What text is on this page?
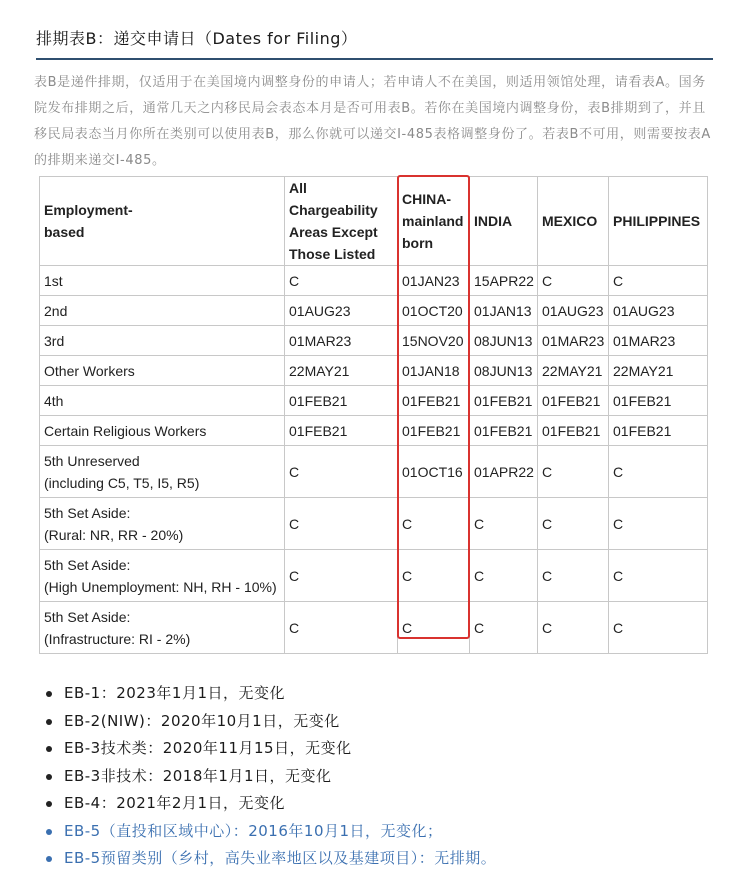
排期表B：递交申请日（Dates for Filing）

表B是递件排期，仅适用于在美国境内调整身份的申请人；若申请人不在美国，则适用领馆处理，请看表A。国务院发布排期之后，通常几天之内移民局会表态本月是否可用表B。若你在美国境内调整身份，表B排期到了，并且移民局表态当月你所在类别可以使用表B，那么你就可以递交I-485表格调整身份了。若表B不可用，则需要按表A的排期来递交I-485。

Employment-
based	All Chargeability
Areas Except
Those Listed	CHINA-
mainland
born	INDIA	MEXICO	PHILIPPINES

1st	C	01JAN23	15APR22	C	C

2nd	01AUG23	01OCT20	01JAN13	01AUG23	01AUG23

3rd	01MAR23	15NOV20	08JUN13	01MAR23	01MAR23

Other Workers	22MAY21	01JAN18	08JUN13	22MAY21	22MAY21

4th	01FEB21	01FEB21	01FEB21	01FEB21	01FEB21

Certain Religious Workers	01FEB21	01FEB21	01FEB21	01FEB21	01FEB21

5th Unreserved
(including C5, T5, I5, R5)	C	01OCT16	01APR22	C	C

5th Set Aside:
(Rural: NR, RR - 20%)	C	C	C	C	C

5th Set Aside:
(High Unemployment: NH, RH - 10%)	C	C	C	C	C

5th Set Aside:
(Infrastructure: RI - 2%)	C	C	C	C	C
EB-1：2023年1月1日，无变化
EB-2(NIW)：2020年10月1日，无变化
EB-3技术类：2020年11月15日，无变化
EB-3非技术：2018年1月1日，无变化
EB-4：2021年2月1日，无变化
EB-5（直投和区域中心）：2016年10月1日，无变化；
EB-5预留类别（乡村，高失业率地区以及基建项目）：无排期。
